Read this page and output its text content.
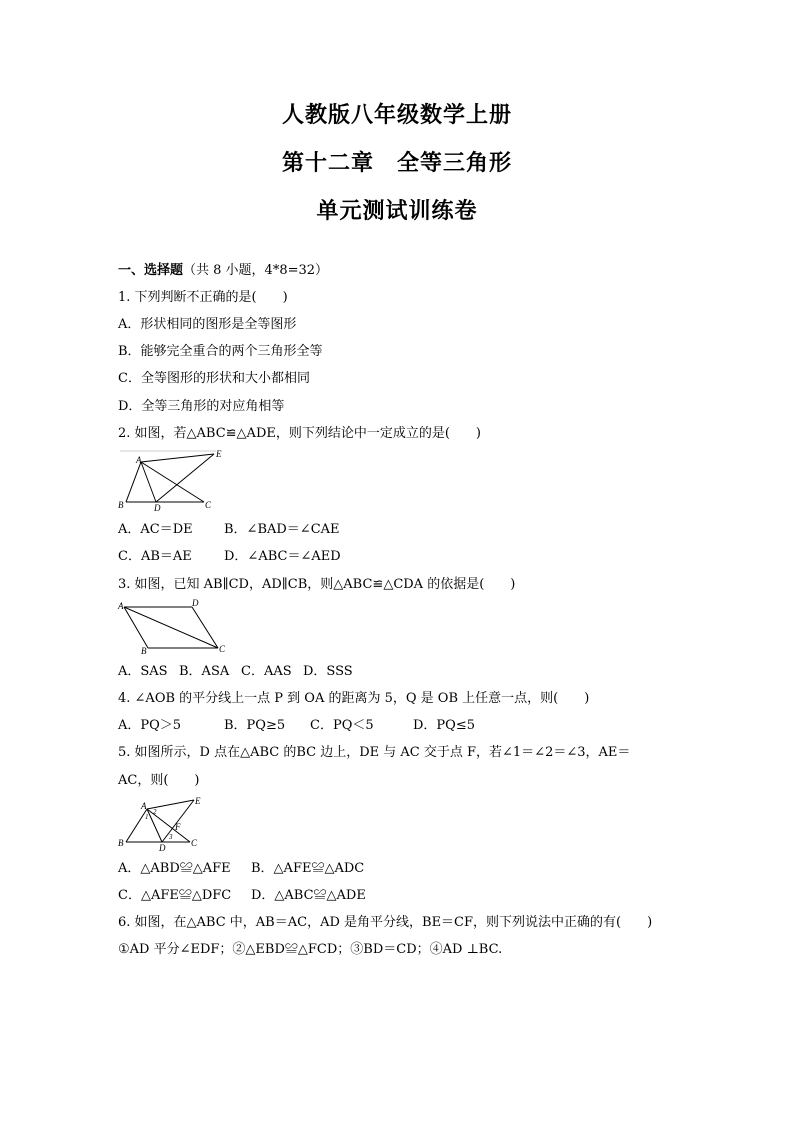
人教版八年级数学上册
第十二章　全等三角形
单元测试训练卷
一、选择题（共 8 小题，4*8=32）
1. 下列判断不正确的是(　　)
A．形状相同的图形是全等图形
B．能够完全重合的两个三角形全等
C．全等图形的形状和大小都相同
D．全等三角形的对应角相等
2. 如图，若△ABC≌△ADE，则下列结论中一定成立的是(　　)
A
E
B	D	C
A．AC＝DE B．∠BAD＝∠CAE
C．AB＝AE D．∠ABC＝∠AED
3. 如图，已知 AB∥CD，AD∥CB，则△ABC≌△CDA 的依据是(　　)
A	D
B	C
A．SAS B．ASA C．AAS D．SSS
4. ∠AOB 的平分线上一点 P 到 OA 的距离为 5，Q 是 OB 上任意一点，则(　　)
A．PQ＞5	B．PQ≥5 C．PQ＜5	D．PQ≤5
5. 如图所示，D 点在△ABC 的BC 边上，DE 与 AC 交于点 F，若∠1＝∠2＝∠3，AE＝
AC，则(　　)
A	E
B	D	C
F
1
2
3
A．△ABD≌△AFE B．△AFE≌△ADC
C．△AFE≌△DFC D．△ABC≌△ADE
6. 如图，在△ABC 中，AB＝AC，AD 是角平分线，BE＝CF，则下列说法中正确的有(　　)
①AD 平分∠EDF；②△EBD≌△FCD；③BD＝CD；④AD ⊥BC.
